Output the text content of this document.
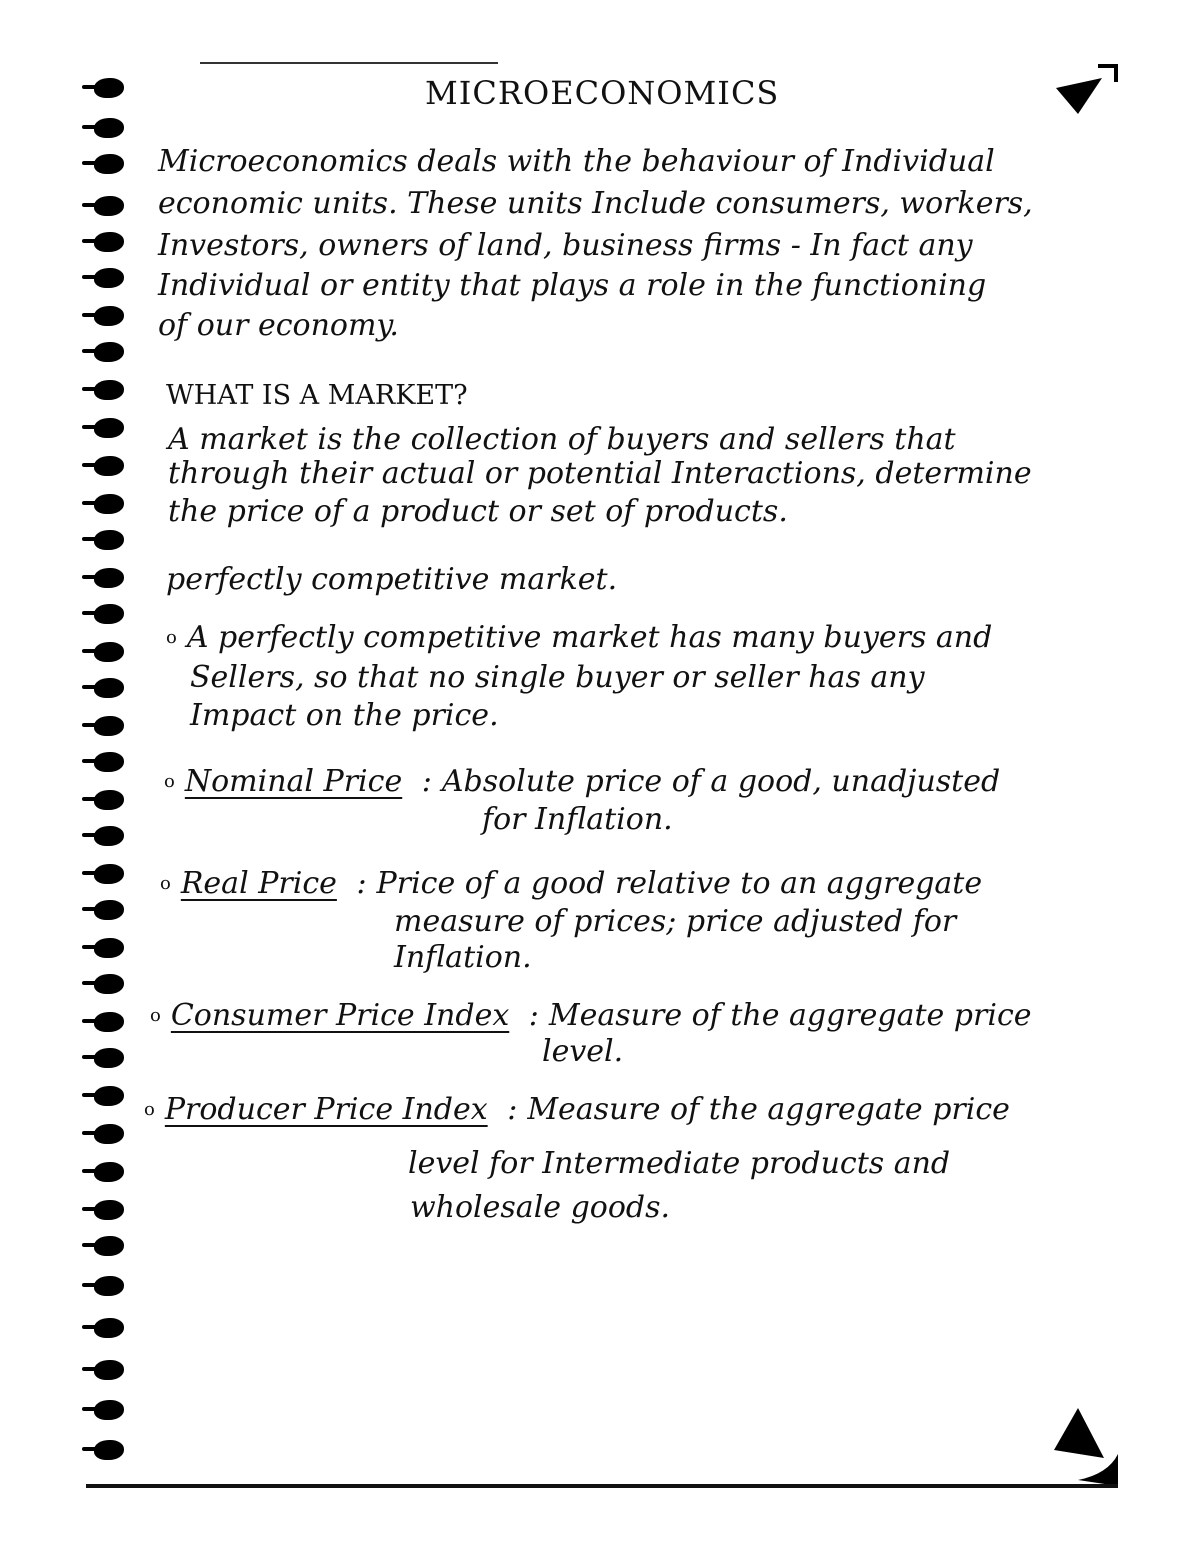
MICROECONOMICS
Microeconomics deals with the behaviour of Individual
economic units. These units Include consumers, workers,
Investors, owners of land, business firms - In fact any
Individual or entity that plays a role in the functioning
of our economy.
WHAT IS A MARKET?
A market is the collection of buyers and sellers that
through their actual or potential Interactions, determine
the price of a product or set of products.
perfectly competitive market.
o A perfectly competitive market has many buyers and
Sellers, so that no single buyer or seller has any
Impact on the price.
o Nominal Price : Absolute price of a good, unadjusted
for Inflation.
o Real Price : Price of a good relative to an aggregate
measure of prices; price adjusted for
Inflation.
o Consumer Price Index : Measure of the aggregate price
level.
o Producer Price Index : Measure of the aggregate price
level for Intermediate products and
wholesale goods.
